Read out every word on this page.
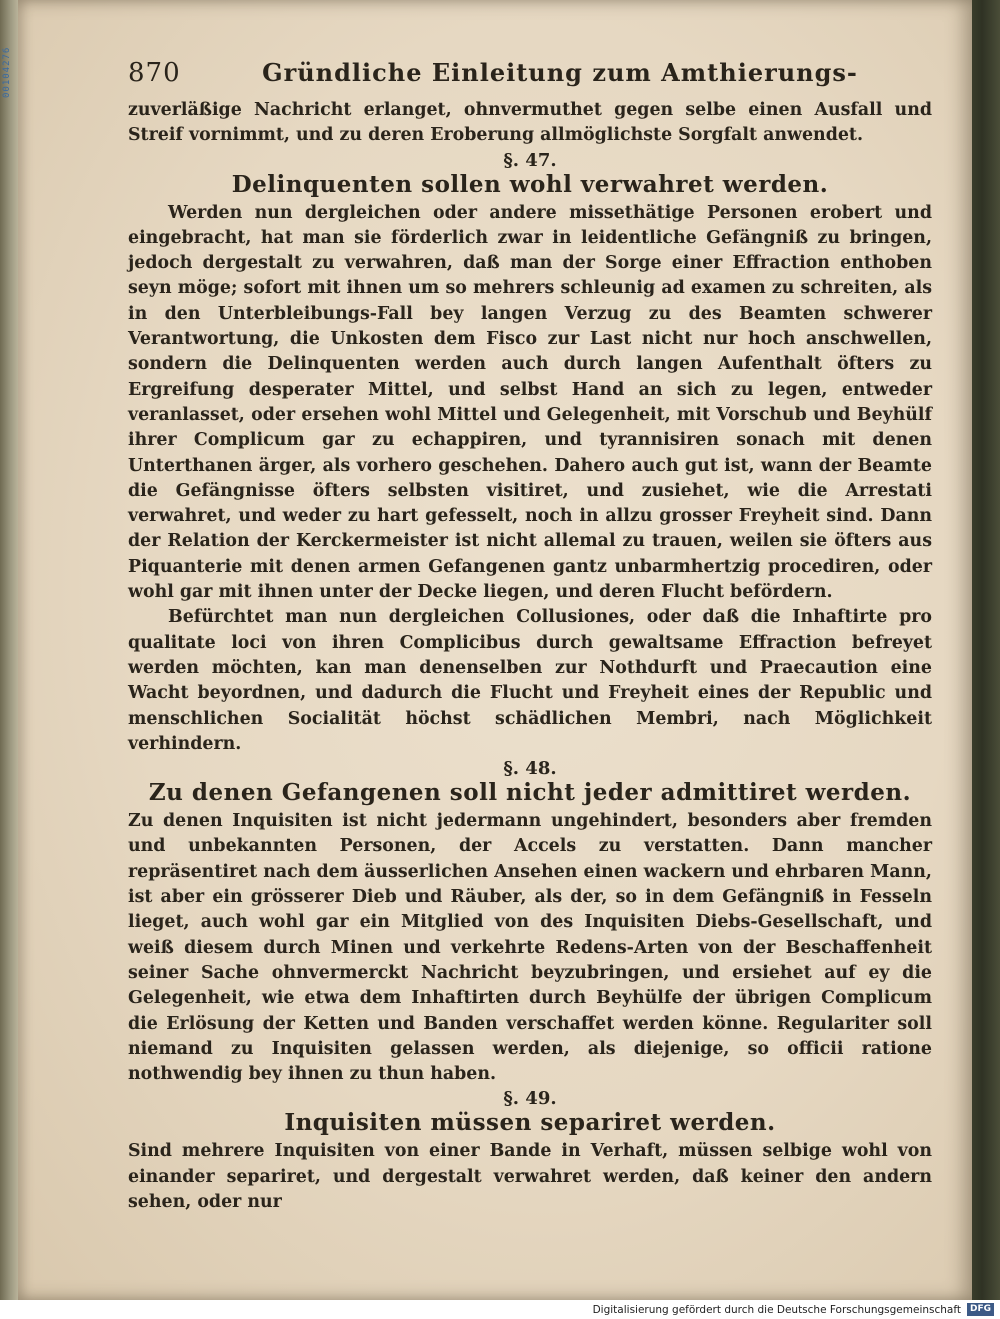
00104276	870	Gründliche Einleitung zum Amthierungs-

zuverläßige Nachricht erlanget, ohnvermuthet gegen selbe einen Ausfall und Streif vornimmt, und zu deren Eroberung allmöglichste Sorgfalt anwendet.

§. 47.
Delinquenten sollen wohl verwahret werden.

Werden nun dergleichen oder andere missethätige Personen erobert und eingebracht, hat man sie förderlich zwar in leidentliche Gefängniß zu bringen, jedoch dergestalt zu verwahren, daß man der Sorge einer Effraction enthoben seyn möge; sofort mit ihnen um so mehrers schleunig ad examen zu schreiten, als in den Unterbleibungs-Fall bey langen Verzug zu des Beamten schwerer Verantwortung, die Unkosten dem Fisco zur Last nicht nur hoch anschwellen, sondern die Delinquenten werden auch durch langen Aufenthalt öfters zu Ergreifung desperater Mittel, und selbst Hand an sich zu legen, entweder veranlasset, oder ersehen wohl Mittel und Gelegenheit, mit Vorschub und Beyhülf ihrer Complicum gar zu echappiren, und tyrannisiren sonach mit denen Unterthanen ärger, als vorhero geschehen. Dahero auch gut ist, wann der Beamte die Gefängnisse öfters selbsten visitiret, und zusiehet, wie die Arrestati verwahret, und weder zu hart gefesselt, noch in allzu grosser Freyheit sind. Dann der Relation der Kerckermeister ist nicht allemal zu trauen, weilen sie öfters aus Piquanterie mit denen armen Gefangenen gantz unbarmhertzig procediren, oder wohl gar mit ihnen unter der Decke liegen, und deren Flucht befördern.

Befürchtet man nun dergleichen Collusiones, oder daß die Inhaftirte pro qualitate loci von ihren Complicibus durch gewaltsame Effraction befreyet werden möchten, kan man denenselben zur Nothdurft und Praecaution eine Wacht beyordnen, und dadurch die Flucht und Freyheit eines der Republic und menschlichen Socialität höchst schädlichen Membri, nach Möglichkeit verhindern.

§. 48.
Zu denen Gefangenen soll nicht jeder admittiret werden.

Zu denen Inquisiten ist nicht jedermann ungehindert, besonders aber fremden und unbekannten Personen, der Accels zu verstatten. Dann mancher repräsentiret nach dem äusserlichen Ansehen einen wackern und ehrbaren Mann, ist aber ein grösserer Dieb und Räuber, als der, so in dem Gefängniß in Fesseln lieget, auch wohl gar ein Mitglied von des Inquisiten Diebs-Gesellschaft, und weiß diesem durch Minen und verkehrte Redens-Arten von der Beschaffenheit seiner Sache ohnvermerckt Nachricht beyzubringen, und ersiehet auf ey die Gelegenheit, wie etwa dem Inhaftirten durch Beyhülfe der übrigen Complicum die Erlösung der Ketten und Banden verschaffet werden könne. Regulariter soll niemand zu Inquisiten gelassen werden, als diejenige, so officii ratione nothwendig bey ihnen zu thun haben.

§. 49.
Inquisiten müssen separiret werden.

Sind mehrere Inquisiten von einer Bande in Verhaft, müssen selbige wohl von einander separiret, und dergestalt verwahret werden, daß keiner den andern sehen, oder nur

Digitalisierung gefördert durch die Deutsche Forschungsgemeinschaft	DFG
